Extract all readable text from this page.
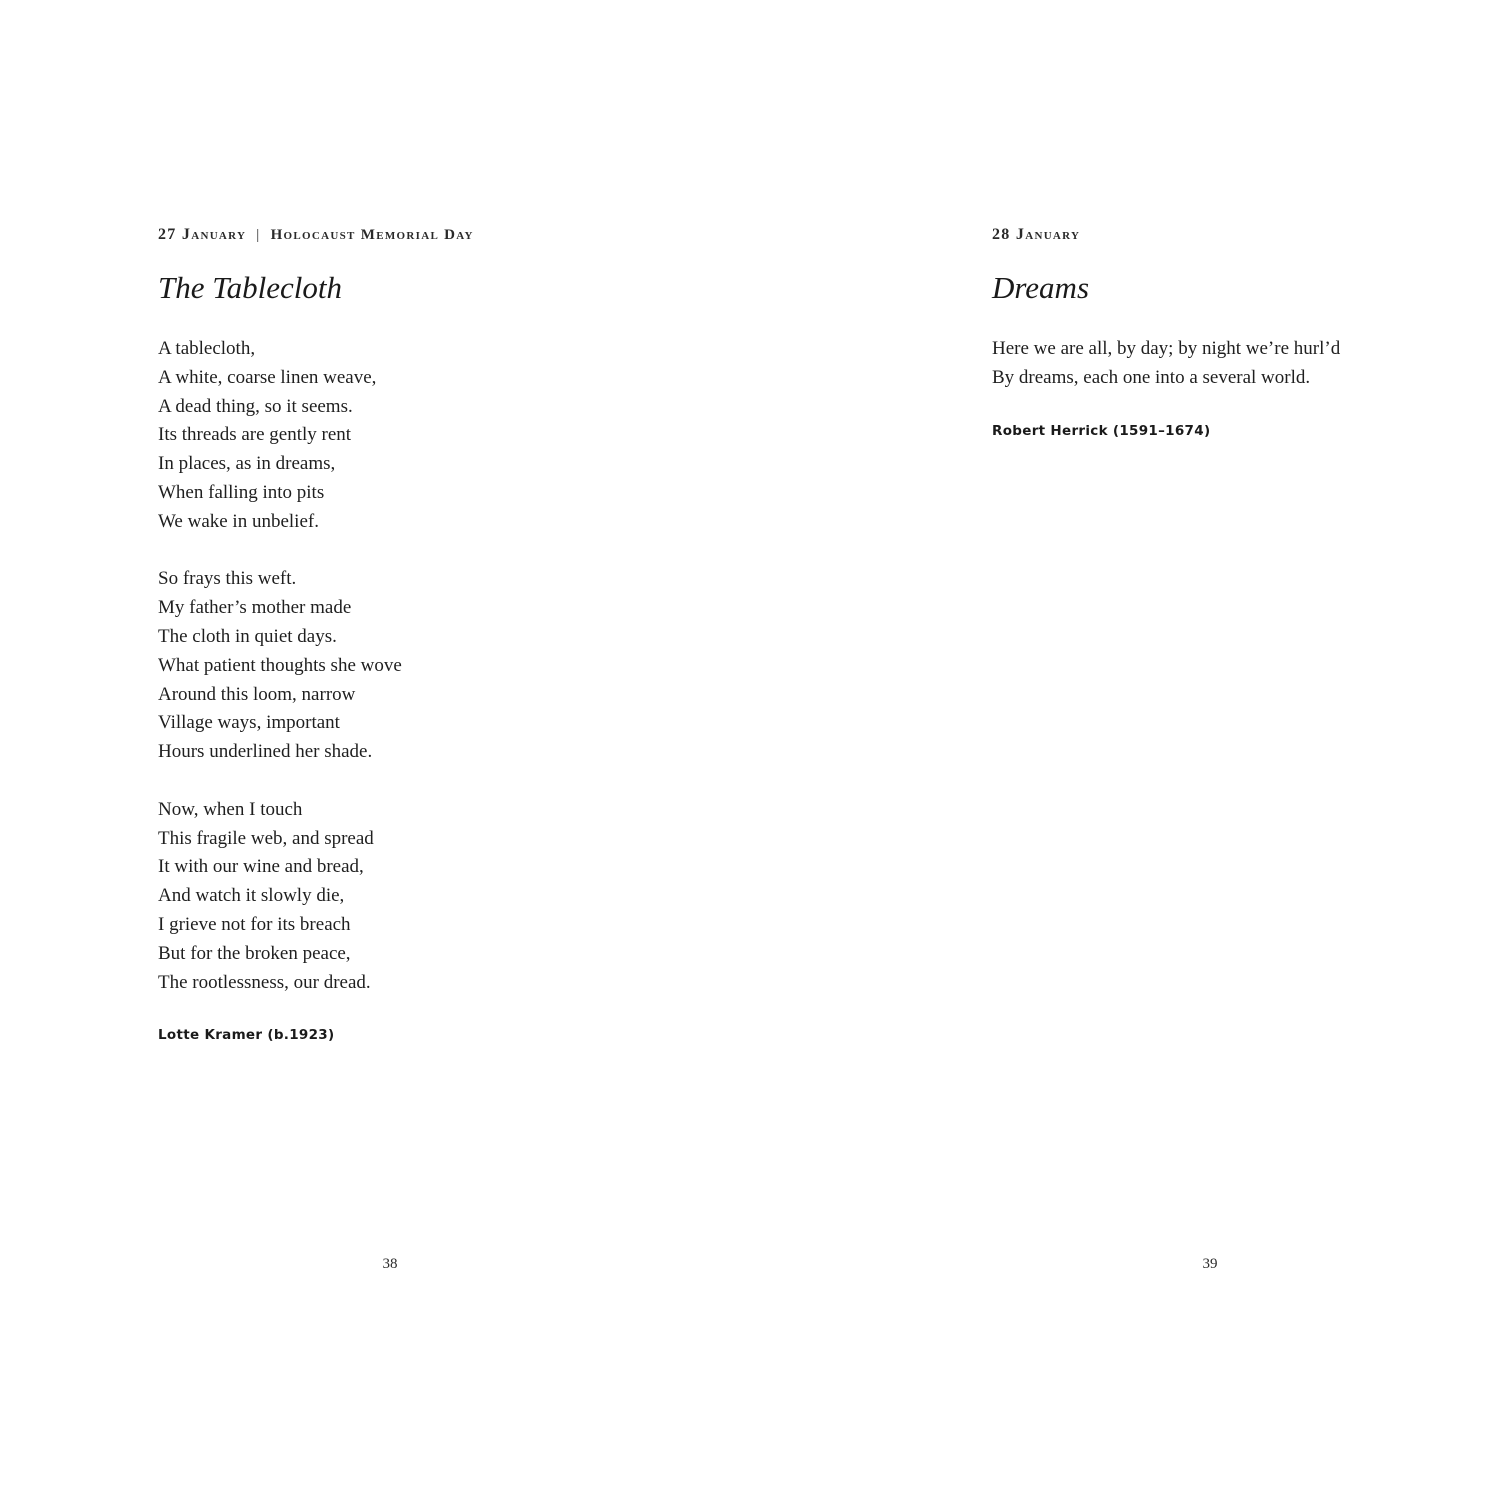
27 January | Holocaust Memorial Day
The Tablecloth
A tablecloth,
A white, coarse linen weave,
A dead thing, so it seems.
Its threads are gently rent
In places, as in dreams,
When falling into pits
We wake in unbelief.
So frays this weft.
My father’s mother made
The cloth in quiet days.
What patient thoughts she wove
Around this loom, narrow
Village ways, important
Hours underlined her shade.
Now, when I touch
This fragile web, and spread
It with our wine and bread,
And watch it slowly die,
I grieve not for its breach
But for the broken peace,
The rootlessness, our dread.
Lotte Kramer (b.1923)
28 January
Dreams
Here we are all, by day; by night we’re hurl’d
By dreams, each one into a several world.
Robert Herrick (1591–1674)
38	39
